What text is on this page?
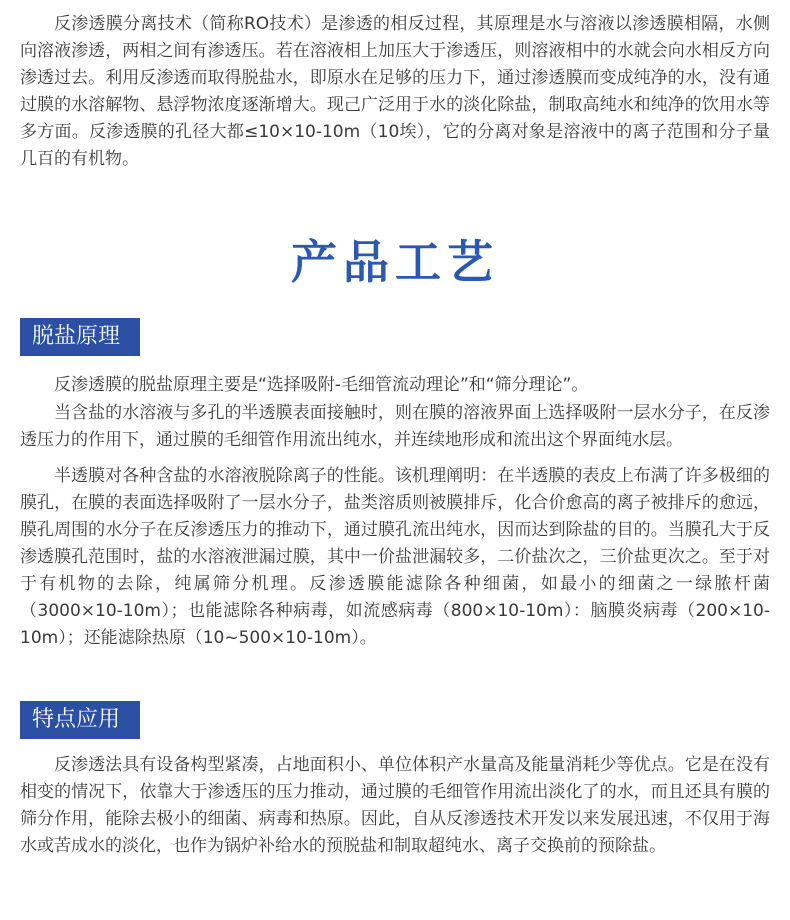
反渗透膜分离技术（简称RO技术）是渗透的相反过程，其原理是水与溶液以渗透膜相隔，水侧向溶液渗透，两相之间有渗透压。若在溶液相上加压大于渗透压，则溶液相中的水就会向水相反方向渗透过去。利用反渗透而取得脱盐水，即原水在足够的压力下，通过渗透膜而变成纯净的水，没有通过膜的水溶解物、悬浮物浓度逐渐增大。现己广泛用于水的淡化除盐，制取高纯水和纯净的饮用水等多方面。反渗透膜的孔径大都≤10×10-10m（10埃），它的分离对象是溶液中的离子范围和分子量几百的有机物。

产品工艺
脱盐原理

反渗透膜的脱盐原理主要是“选择吸附-毛细管流动理论”和“筛分理论”。

当含盐的水溶液与多孔的半透膜表面接触时，则在膜的溶液界面上选择吸附一层水分子，在反渗透压力的作用下，通过膜的毛细管作用流出纯水，并连续地形成和流出这个界面纯水层。

半透膜对各种含盐的水溶液脱除离子的性能。该机理阐明：在半透膜的表皮上布满了许多极细的膜孔，在膜的表面选择吸附了一层水分子，盐类溶质则被膜排斥，化合价愈高的离子被排斥的愈远，膜孔周围的水分子在反渗透压力的推动下，通过膜孔流出纯水，因而达到除盐的目的。当膜孔大于反渗透膜孔范围时，盐的水溶液泄漏过膜，其中一价盐泄漏较多，二价盐次之，三价盐更次之。至于对于有机物的去除，纯属筛分机理。反渗透膜能滤除各种细菌，如最小的细菌之一绿脓杆菌（3000×10-10m）；也能滤除各种病毒，如流感病毒（800×10-10m）：脑膜炎病毒（200×10-10m）；还能滤除热原（10~500×10-10m）。

特点应用

反渗透法具有设备构型紧凑，占地面积小、单位体积产水量高及能量消耗少等优点。它是在没有相变的情况下，依靠大于渗透压的压力推动，通过膜的毛细管作用流出淡化了的水，而且还具有膜的筛分作用，能除去极小的细菌、病毒和热原。因此，自从反渗透技术开发以来发展迅速，不仅用于海水或苦成水的淡化，也作为锅炉补给水的预脱盐和制取超纯水、离子交换前的预除盐。
